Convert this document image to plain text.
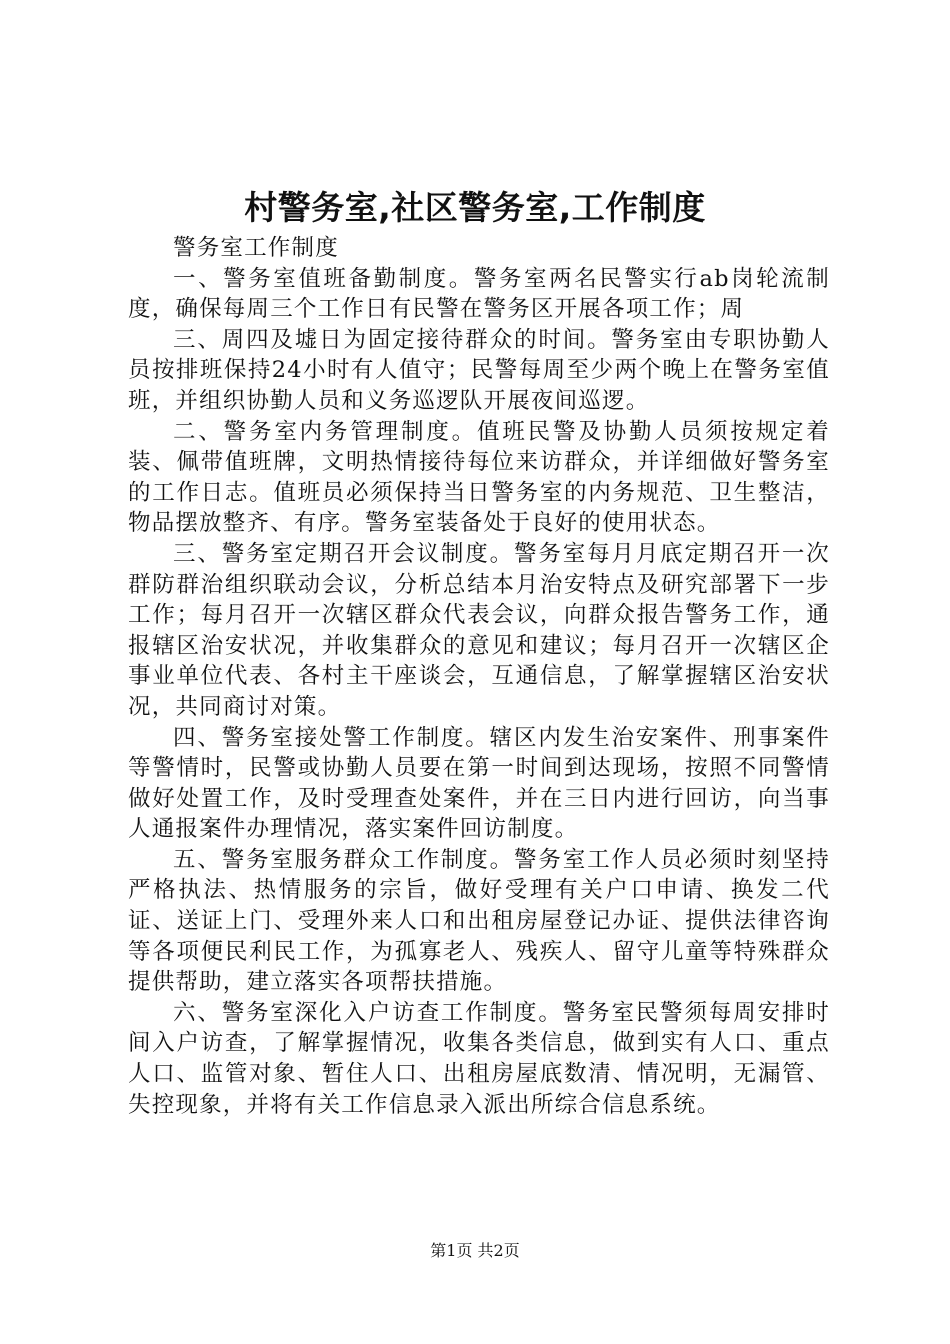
村警务室,社区警务室,工作制度

警务室工作制度

一、警务室值班备勤制度。警务室两名民警实行ab岗轮流制度，确保每周三个工作日有民警在警务区开展各项工作；周

三、周四及墟日为固定接待群众的时间。警务室由专职协勤人员按排班保持24小时有人值守；民警每周至少两个晚上在警务室值班，并组织协勤人员和义务巡逻队开展夜间巡逻。

二、警务室内务管理制度。值班民警及协勤人员须按规定着装、佩带值班牌，文明热情接待每位来访群众，并详细做好警务室的工作日志。值班员必须保持当日警务室的内务规范、卫生整洁，物品摆放整齐、有序。警务室装备处于良好的使用状态。

三、警务室定期召开会议制度。警务室每月月底定期召开一次群防群治组织联动会议，分析总结本月治安特点及研究部署下一步工作；每月召开一次辖区群众代表会议，向群众报告警务工作，通报辖区治安状况，并收集群众的意见和建议；每月召开一次辖区企事业单位代表、各村主干座谈会，互通信息，了解掌握辖区治安状况，共同商讨对策。

四、警务室接处警工作制度。辖区内发生治安案件、刑事案件等警情时，民警或协勤人员要在第一时间到达现场，按照不同警情做好处置工作，及时受理查处案件，并在三日内进行回访，向当事人通报案件办理情况，落实案件回访制度。

五、警务室服务群众工作制度。警务室工作人员必须时刻坚持严格执法、热情服务的宗旨，做好受理有关户口申请、换发二代证、送证上门、受理外来人口和出租房屋登记办证、提供法律咨询等各项便民利民工作，为孤寡老人、残疾人、留守儿童等特殊群众提供帮助，建立落实各项帮扶措施。

六、警务室深化入户访查工作制度。警务室民警须每周安排时间入户访查，了解掌握情况，收集各类信息，做到实有人口、重点人口、监管对象、暂住人口、出租房屋底数清、情况明，无漏管、失控现象，并将有关工作信息录入派出所综合信息系统。

第1页 共2页
